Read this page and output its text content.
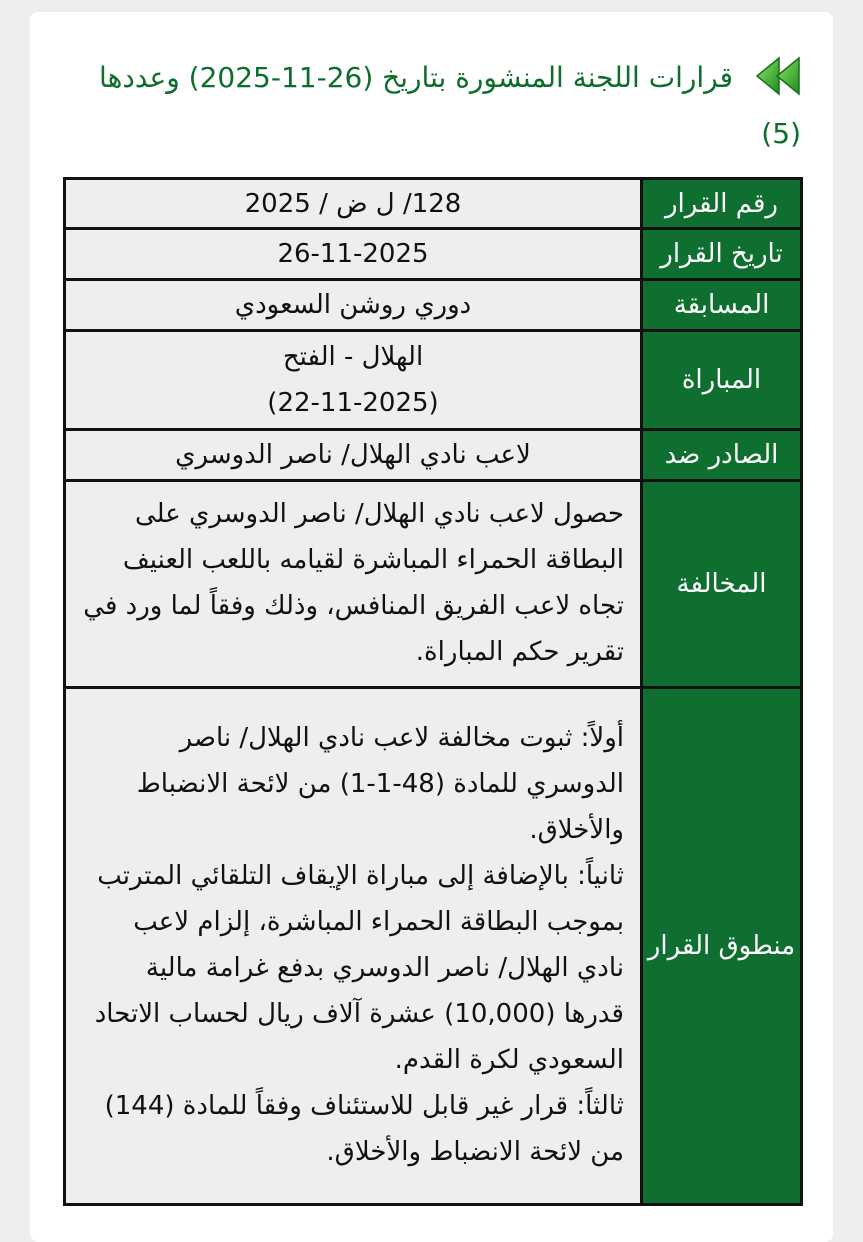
قرارات اللجنة المنشورة بتاريخ (26-11-2025) وعددها (5)
رقم القرار	128/ ل ض / 2025
تاريخ القرار	26-11-2025
المسابقة	دوري روشن السعودي
المباراة	الهلال - الفتح
(22-11-2025)

الصادر ضد	لاعب نادي الهلال/ ناصر الدوسري
المخالفة	حصول لاعب نادي الهلال/ ناصر الدوسري على البطاقة الحمراء المباشرة لقيامه باللعب العنيف تجاه لاعب الفريق المنافس، وذلك وفقاً لما ورد في تقرير حكم المباراة.
منطوق القرار	أولاً: ثبوت مخالفة لاعب نادي الهلال/ ناصر الدوسري للمادة (48-1-1) من لائحة الانضباط والأخلاق.
ثانياً: بالإضافة إلى مباراة الإيقاف التلقائي المترتب بموجب البطاقة الحمراء المباشرة، إلزام لاعب نادي الهلال/ ناصر الدوسري بدفع غرامة مالية قدرها (10,000) عشرة آلاف ريال لحساب الاتحاد السعودي لكرة القدم.
ثالثاً: قرار غير قابل للاستئناف وفقاً للمادة (144) من لائحة الانضباط والأخلاق.
